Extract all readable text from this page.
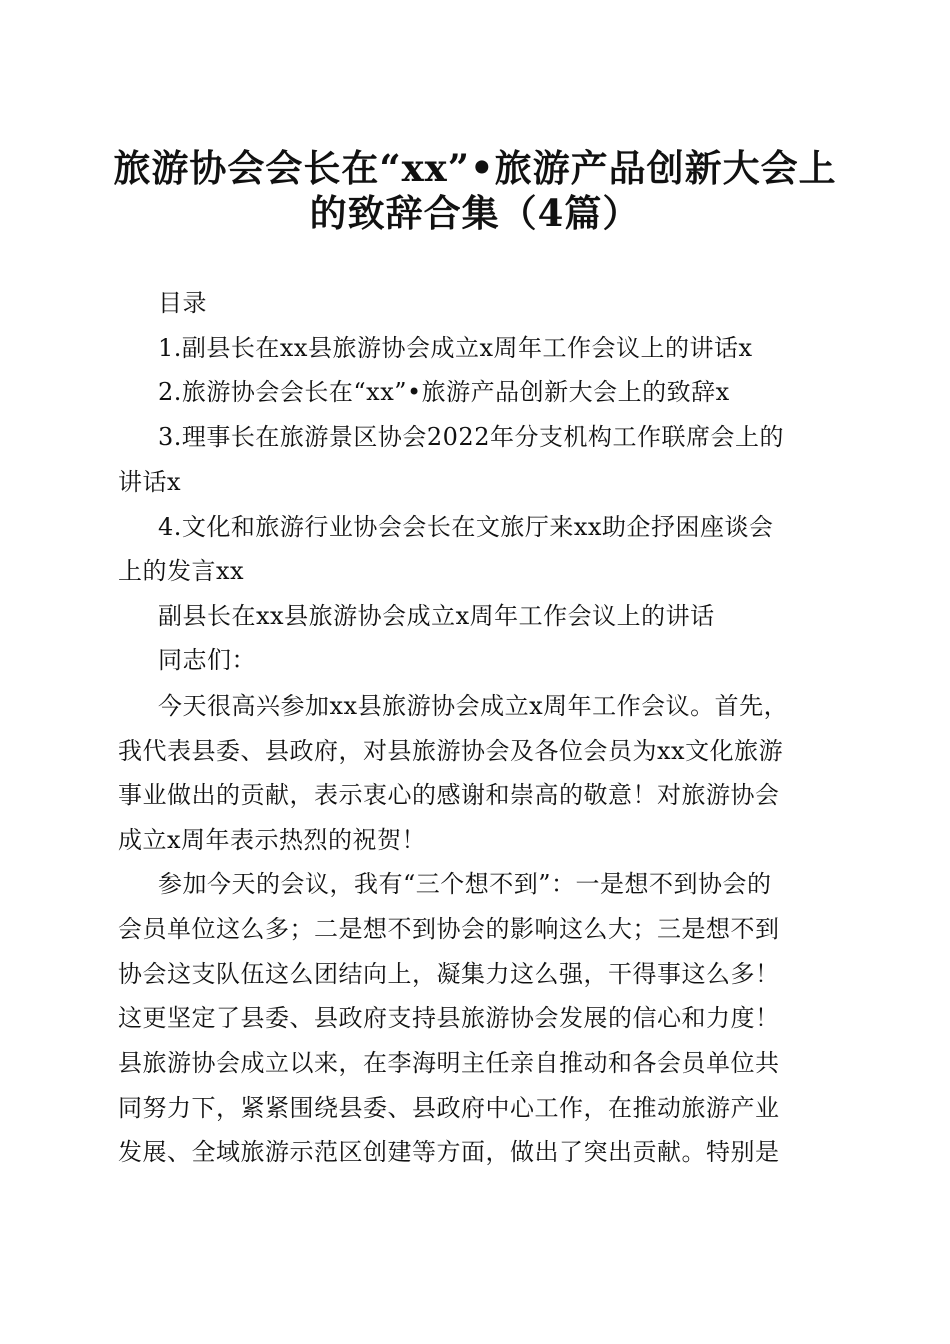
旅游协会会长在“xx”•旅游产品创新大会上
的致辞合集（4篇）
目录
1.副县长在xx县旅游协会成立x周年工作会议上的讲话x
2.旅游协会会长在“xx”•旅游产品创新大会上的致辞x
3.理事长在旅游景区协会2022年分支机构工作联席会上的
讲话x
4.文化和旅游行业协会会长在文旅厅来xx助企抒困座谈会
上的发言xx
副县长在xx县旅游协会成立x周年工作会议上的讲话
同志们：
今天很高兴参加xx县旅游协会成立x周年工作会议。首先，
我代表县委、县政府，对县旅游协会及各位会员为xx文化旅游
事业做出的贡献，表示衷心的感谢和崇高的敬意！对旅游协会
成立x周年表示热烈的祝贺！
参加今天的会议，我有“三个想不到”：一是想不到协会的
会员单位这么多；二是想不到协会的影响这么大；三是想不到
协会这支队伍这么团结向上，凝集力这么强，干得事这么多！
这更坚定了县委、县政府支持县旅游协会发展的信心和力度！
县旅游协会成立以来，在李海明主任亲自推动和各会员单位共
同努力下，紧紧围绕县委、县政府中心工作，在推动旅游产业
发展、全域旅游示范区创建等方面，做出了突出贡献。特别是
